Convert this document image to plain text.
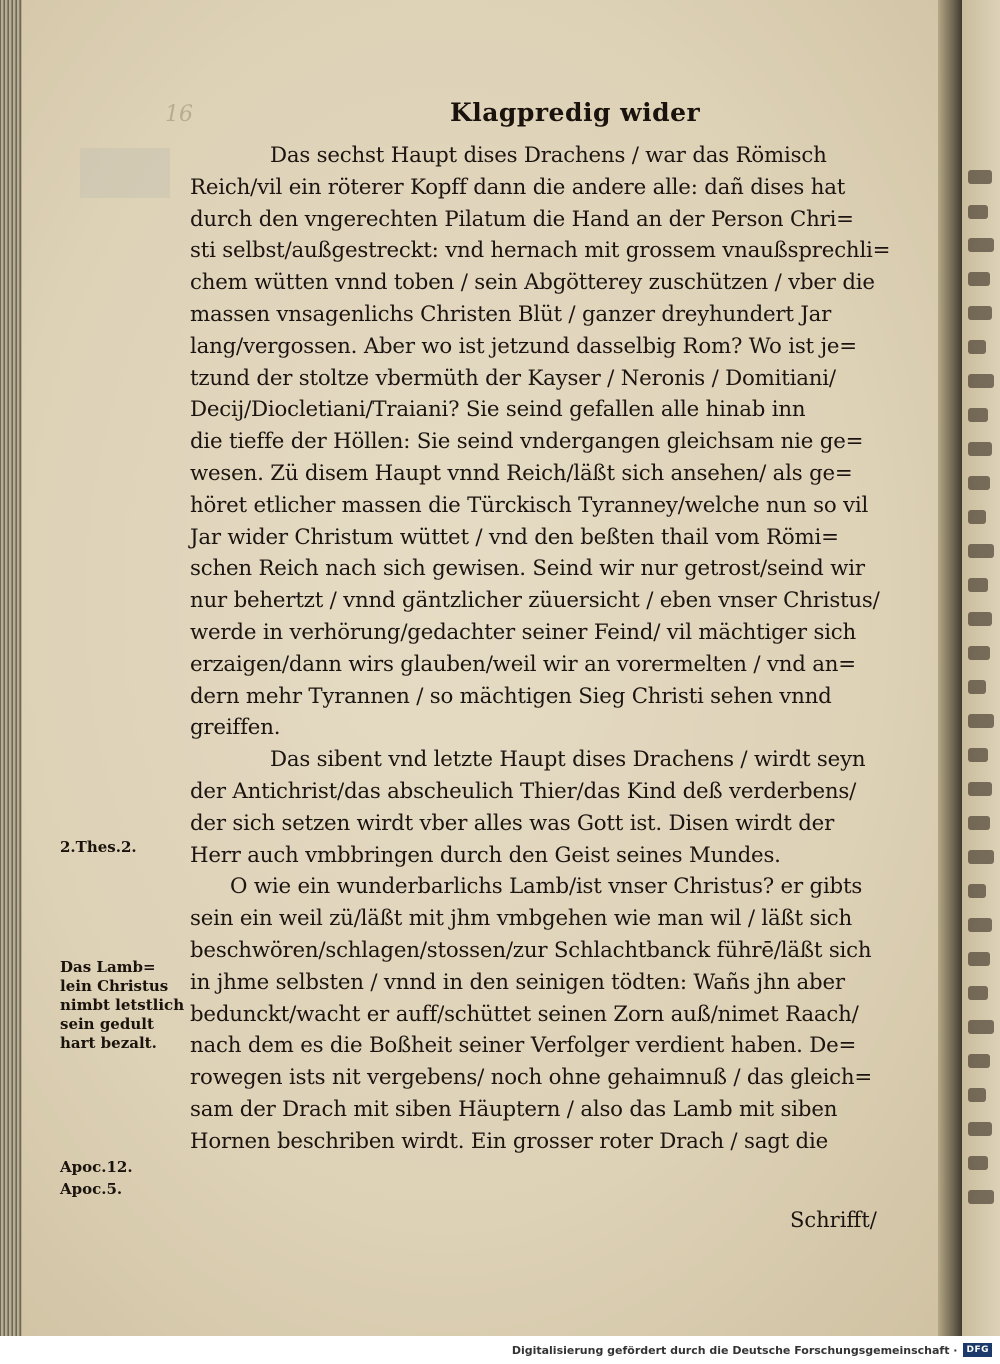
16	Klagpredig wider
Das sechst Haupt dises Drachens / war das Römisch
Reich/vil ein röterer Kopff dann die andere alle: dañ dises hat
durch den vngerechten Pilatum die Hand an der Person Chri=
sti selbst/außgestreckt: vnd hernach mit grossem vnaußsprechli=
chem wütten vnnd toben / sein Abgötterey zuschützen / vber die
massen vnsagenlichs Christen Blüt / ganzer dreyhundert Jar
lang/vergossen. Aber wo ist jetzund dasselbig Rom? Wo ist je=
tzund der stoltze vbermüth der Kayser / Neronis / Domitiani/
Decij/Diocletiani/Traiani? Sie seind gefallen alle hinab inn
die tieffe der Höllen: Sie seind vndergangen gleichsam nie ge=
wesen. Zü disem Haupt vnnd Reich/läßt sich ansehen/ als ge=
höret etlicher massen die Türckisch Tyranney/welche nun so vil
Jar wider Christum wüttet / vnd den beßten thail vom Römi=
schen Reich nach sich gewisen. Seind wir nur getrost/seind wir
nur behertzt / vnnd gäntzlicher züuersicht / eben vnser Christus/
werde in verhörung/gedachter seiner Feind/ vil mächtiger sich
erzaigen/dann wirs glauben/weil wir an vorermelten / vnd an=
dern mehr Tyrannen / so mächtigen Sieg Christi sehen vnnd
greiffen.
Das sibent vnd letzte Haupt dises Drachens / wirdt seyn
der Antichrist/das abscheulich Thier/das Kind deß verderbens/
der sich setzen wirdt vber alles was Gott ist. Disen wirdt der
Herr auch vmbbringen durch den Geist seines Mundes.
O wie ein wunderbarlichs Lamb/ist vnser Christus? er gibts
sein ein weil zü/läßt mit jhm vmbgehen wie man wil / läßt sich
beschwören/schlagen/stossen/zur Schlachtbanck führē/läßt sich
in jhme selbsten / vnnd in den seinigen tödten: Wañs jhn aber
bedunckt/wacht er auff/schüttet seinen Zorn auß/nimet Raach/
nach dem es die Boßheit seiner Verfolger verdient haben. De=
rowegen ists nit vergebens/ noch ohne gehaimnuß / das gleich=
sam der Drach mit siben Häuptern / also das Lamb mit siben
Hornen beschriben wirdt. Ein grosser roter Drach / sagt die
2.Thes.2.
Das Lamb=
lein Christus
nimbt letstlich
sein gedult
hart bezalt.
Apoc.12.
Apoc.5.
Schrifft/
Digitalisierung gefördert durch die Deutsche Forschungsgemeinschaft ·	DFG
